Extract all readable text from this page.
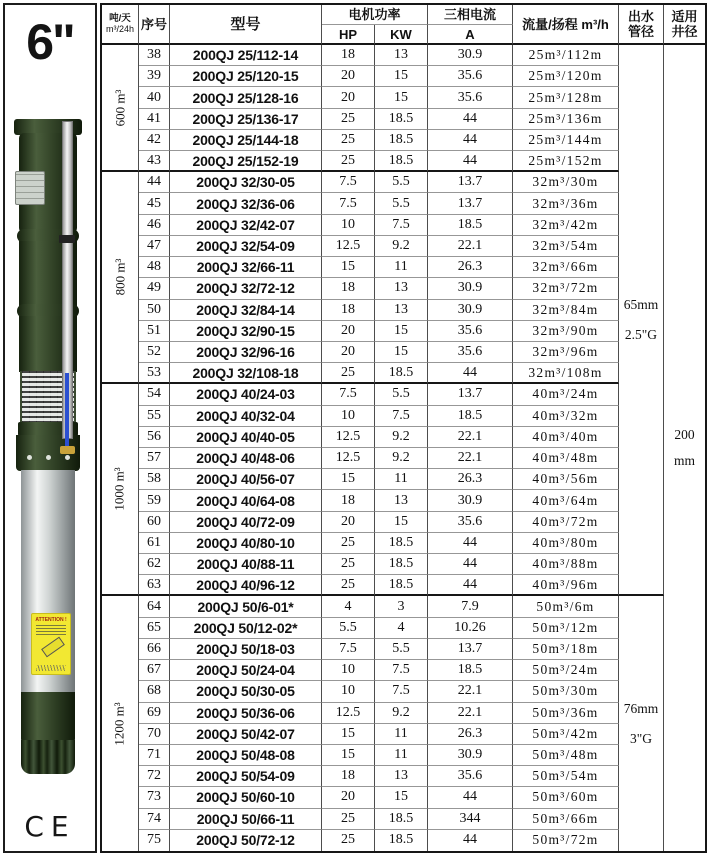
6"
ATTENTION !
CE
吨/天
m³/24h 序号	型号
电机功率
HP	KW
三相电流
A
流量/扬程 m³/h 出水管径
适用井径
600 m³
38	200QJ 25/112-14	18	13	30.9	25m³/112m
39	200QJ 25/120-15	20	15	35.6	25m³/120m
40	200QJ 25/128-16	20	15	35.6	25m³/128m
41	200QJ 25/136-17	25	18.5	44	25m³/136m
42	200QJ 25/144-18	25	18.5	44	25m³/144m
43	200QJ 25/152-19	25	18.5	44	25m³/152m
800 m³
44	200QJ 32/30-05	7.5	5.5	13.7	32m³/30m
45	200QJ 32/36-06	7.5	5.5	13.7	32m³/36m
46	200QJ 32/42-07	10	7.5	18.5	32m³/42m
47	200QJ 32/54-09	12.5	9.2	22.1	32m³/54m
48	200QJ 32/66-11	15	11	26.3	32m³/66m
49	200QJ 32/72-12	18	13	30.9	32m³/72m
50	200QJ 32/84-14	18	13	30.9	32m³/84m
51	200QJ 32/90-15	20	15	35.6	32m³/90m
52	200QJ 32/96-16	20	15	35.6	32m³/96m
53	200QJ 32/108-18	25	18.5	44	32m³/108m
1000 m³
54	200QJ 40/24-03	7.5	5.5	13.7	40m³/24m
55	200QJ 40/32-04	10	7.5	18.5	40m³/32m
56	200QJ 40/40-05	12.5	9.2	22.1	40m³/40m
57	200QJ 40/48-06	12.5	9.2	22.1	40m³/48m
58	200QJ 40/56-07	15	11	26.3	40m³/56m
59	200QJ 40/64-08	18	13	30.9	40m³/64m
60	200QJ 40/72-09	20	15	35.6	40m³/72m
61	200QJ 40/80-10	25	18.5	44	40m³/80m
62	200QJ 40/88-11	25	18.5	44	40m³/88m
63	200QJ 40/96-12	25	18.5	44	40m³/96m
1200 m³
64	200QJ 50/6-01*	4	3	7.9	50m³/6m
65	200QJ 50/12-02*	5.5	4	10.26	50m³/12m
66	200QJ 50/18-03	7.5	5.5	13.7	50m³/18m
67	200QJ 50/24-04	10	7.5	18.5	50m³/24m
68	200QJ 50/30-05	10	7.5	22.1	50m³/30m
69	200QJ 50/36-06	12.5	9.2	22.1	50m³/36m
70	200QJ 50/42-07	15	11	26.3	50m³/42m
71	200QJ 50/48-08	15	11	30.9	50m³/48m
72	200QJ 50/54-09	18	13	35.6	50m³/54m
73	200QJ 50/60-10	20	15	44	50m³/60m
74	200QJ 50/66-11	25	18.5	344	50m³/66m
75	200QJ 50/72-12	25	18.5	44	50m³/72m
65mm
2.5"G
76mm
3"G
200
mm
